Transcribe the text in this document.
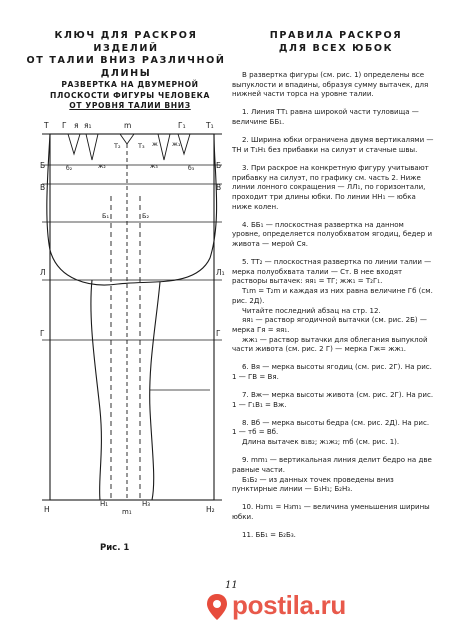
КЛЮЧ ДЛЯ РАСКРОЯ ИЗДЕЛИЙ
ОТ ТАЛИИ ВНИЗ РАЗЛИЧНОЙ
ДЛИНЫ
ПРАВИЛА РАСКРОЯ
ДЛЯ ВСЕХ ЮБОК
РАЗВЕРТКА НА ДВУМЕРНОЙ
ПЛОСКОСТИ ФИГУРЫ ЧЕЛОВЕКА
ОТ УРОВНЯ ТАЛИИ ВНИЗ
Т Г я я₁	m	Г₁	Т₁
Т₂	Т₃ ж ж₁
б₂	ж₂	ж₃	б₃
Б
В
Б
В
Б₁	Б₂
Л	Л₁
Г	Г
Н
Н₁
m₁
Н₃
Н₂
Рис. 1

В развертка фигуры (см. рис. 1) определены все выпуклости и впадины, образуя сумму вытачек, для нижней части торса на уровне талии.

1. Линия ТТ₁ равна широкой части туловища — величине ББ₁.

2. Ширина юбки ограничена двумя вертикалями — ТН и Т₁Н₁ без прибавки на силуэт и стачные швы.

3. При раскрое на конкретную фигуру учитывают прибавку на силуэт, по графику см. часть 2. Ниже линии лонного сокращения — ЛЛ₁, по горизонтали, проходит три длины юбки. По линии НН₁ — юбка ниже колен.

4. ББ₁ — плоскостная развертка на данном уровне, определяется полуобхватом ягодиц, бедер и живота — мерой Ся.

5. ТТ₂ — плоскостная развертка по линии талии — мерка полуобхвата талии — Ст. В нее входят растворы вытачек: яя₁ = ТГ; жж₁ = Т₂Г₁.

Т₁m = Т₂m и каждая из них равна величине Гб (см. рис. 2Д).

Читайте последний абзац на стр. 12.

яя₁ — раствор ягодичной вытачки (см. рис. 2Б) — мерка Гя = яя₁.

жж₁ — раствор вытачки для облегания выпуклой части живота (см. рис. 2 Г) — мерка Гж= жж₁.

6. Вя — мерка высоты ягодиц (см. рис. 2Г). На рис. 1 — ГВ = Вя.

7. Вж— мерка высоты живота (см. рис. 2Г). На рис. 1 — Г₁В₁ = Вж.

8. Вб — мерка высоты бедра (см. рис. 2Д). На рис. 1 — тб = Вб.

Длина вытачек в₁в₂; ж₁ж₂; mб (см. рис. 1).

9. mm₁ — вертикальная линия делит бедро на две равные части.

Б₁Б₂ — из данных точек проведены вниз пунктирные линии — Б₁Н₁; Б₂Н₃.

10. Н₂m₁ = Н₃m₁ — величина уменьшения ширины юбки.

11. ББ₁ = Б₂Б₃.

11
postila.ru
